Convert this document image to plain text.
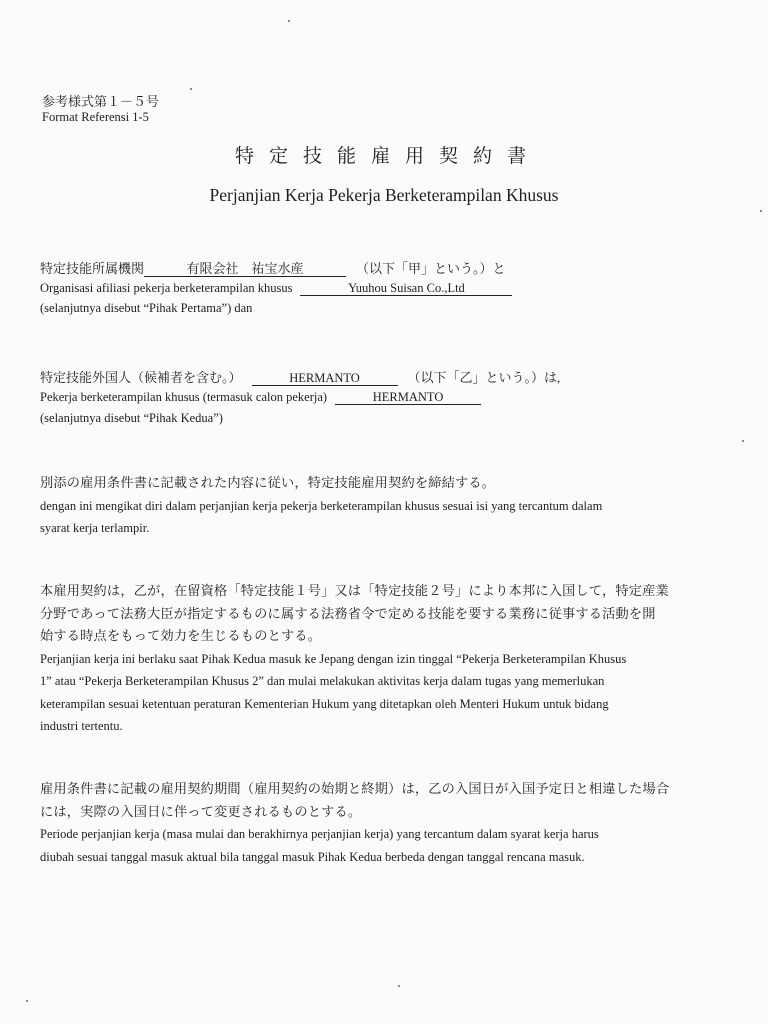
参考様式第１－５号
Format Referensi 1-5
特定技能雇用契約書
Perjanjian Kerja Pekerja Berketerampilan Khusus
特定技能所属機関	有限会社　祐宝水産	（以下「甲」という。）と
Organisasi afiliasi pekerja berketerampilan khusus	Yuuhou Suisan Co.,Ltd
(selanjutnya disebut “Pihak Pertama”) dan
特定技能外国人（候補者を含む。）	HERMANTO	（以下「乙」という。）は,
Pekerja berketerampilan khusus (termasuk calon pekerja)	HERMANTO
(selanjutnya disebut “Pihak Kedua”)
別添の雇用条件書に記載された内容に従い，特定技能雇用契約を締結する。
dengan ini mengikat diri dalam perjanjian kerja pekerja berketerampilan khusus sesuai isi yang tercantum dalam
syarat kerja terlampir.
本雇用契約は，乙が，在留資格「特定技能１号」又は「特定技能２号」により本邦に入国して，特定産業
分野であって法務大臣が指定するものに属する法務省令で定める技能を要する業務に従事する活動を開
始する時点をもって効力を生じるものとする。
Perjanjian kerja ini berlaku saat Pihak Kedua masuk ke Jepang dengan izin tinggal “Pekerja Berketerampilan Khusus
1” atau “Pekerja Berketerampilan Khusus 2” dan mulai melakukan aktivitas kerja dalam tugas yang memerlukan
keterampilan sesuai ketentuan peraturan Kementerian Hukum yang ditetapkan oleh Menteri Hukum untuk bidang
industri tertentu.
雇用条件書に記載の雇用契約期間（雇用契約の始期と終期）は，乙の入国日が入国予定日と相違した場合
には，実際の入国日に伴って変更されるものとする。
Periode perjanjian kerja (masa mulai dan berakhirnya perjanjian kerja) yang tercantum dalam syarat kerja harus
diubah sesuai tanggal masuk aktual bila tanggal masuk Pihak Kedua berbeda dengan tanggal rencana masuk.
